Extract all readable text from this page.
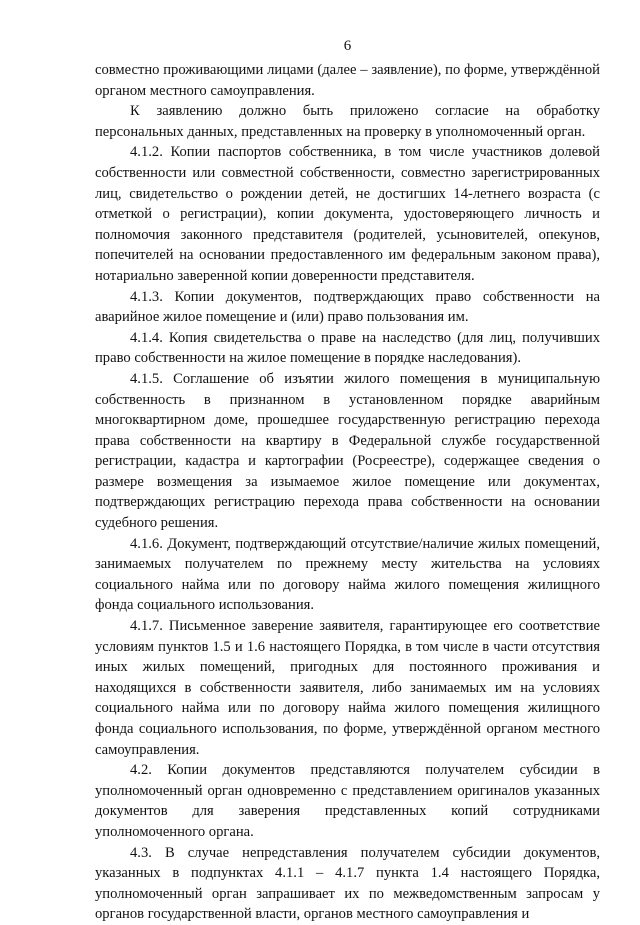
6

совместно проживающими лицами (далее – заявление), по форме, утверждённой органом местного самоуправления.

К заявлению должно быть приложено согласие на обработку персональных данных, представленных на проверку в уполномоченный орган.

4.1.2. Копии паспортов собственника, в том числе участников долевой собственности или совместной собственности, совместно зарегистрированных лиц, свидетельство о рождении детей, не достигших 14-летнего возраста (с отметкой о регистрации), копии документа, удостоверяющего личность и полномочия законного представителя (родителей, усыновителей, опекунов, попечителей на основании предоставленного им федеральным законом права), нотариально заверенной копии доверенности представителя.

4.1.3. Копии документов, подтверждающих право собственности на аварийное жилое помещение и (или) право пользования им.

4.1.4. Копия свидетельства о праве на наследство (для лиц, получивших право собственности на жилое помещение в порядке наследования).

4.1.5. Соглашение об изъятии жилого помещения в муниципальную собственность в признанном в установленном порядке аварийным многоквартирном доме, прошедшее государственную регистрацию перехода права собственности на квартиру в Федеральной службе государственной регистрации, кадастра и картографии (Росреестре), содержащее сведения о размере возмещения за изымаемое жилое помещение или документах, подтверждающих регистрацию перехода права собственности на основании судебного решения.

4.1.6. Документ, подтверждающий отсутствие/наличие жилых помещений, занимаемых получателем по прежнему месту жительства на условиях социального найма или по договору найма жилого помещения жилищного фонда социального использования.

4.1.7. Письменное заверение заявителя, гарантирующее его соответствие условиям пунктов 1.5 и 1.6 настоящего Порядка, в том числе в части отсутствия иных жилых помещений, пригодных для постоянного проживания и находящихся в собственности заявителя, либо занимаемых им на условиях социального найма или по договору найма жилого помещения жилищного фонда социального использования, по форме, утверждённой органом местного самоуправления.

4.2. Копии документов представляются получателем субсидии в уполномоченный орган одновременно с представлением оригиналов указанных документов для заверения представленных копий сотрудниками уполномоченного органа.

4.3. В случае непредставления получателем субсидии документов, указанных в подпунктах 4.1.1 – 4.1.7 пункта 1.4 настоящего Порядка, уполномоченный орган запрашивает их по межведомственным запросам у органов государственной власти, органов местного самоуправления и
